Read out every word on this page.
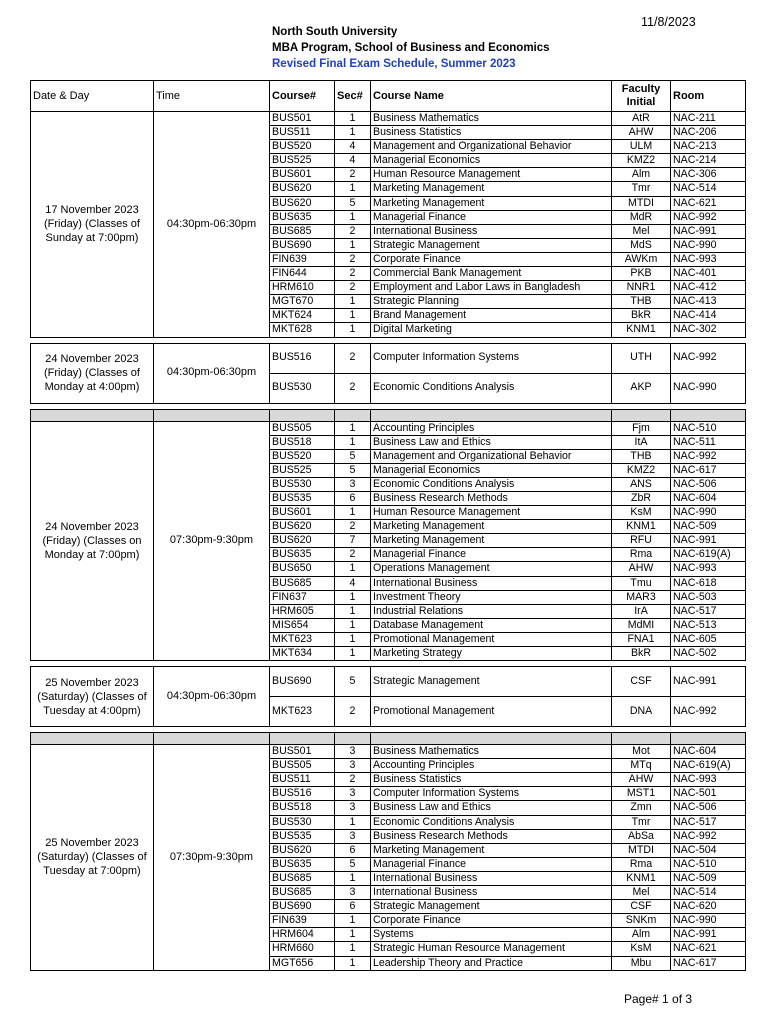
11/8/2023
North South University
MBA Program, School of Business and Economics
Revised Final Exam Schedule, Summer 2023
Date & Day	Time	Course#	Sec#	Course Name	Faculty Initial	Room
17 November 2023 (Friday) (Classes of Sunday at 7:00pm)	04:30pm-06:30pm	BUS501	1	Business Mathematics	AtR	NAC-211
		BUS511	1	Business Statistics	AHW	NAC-206
		BUS520	4	Management and Organizational Behavior	ULM	NAC-213
		BUS525	4	Managerial Economics	KMZ2	NAC-214
		BUS601	2	Human Resource Management	Alm	NAC-306
		BUS620	1	Marketing Management	Tmr	NAC-514
		BUS620	5	Marketing Management	MTDI	NAC-621
		BUS635	1	Managerial Finance	MdR	NAC-992
		BUS685	2	International Business	Mel	NAC-991
		BUS690	1	Strategic Management	MdS	NAC-990
		FIN639	2	Corporate Finance	AWKm	NAC-993
		FIN644	2	Commercial Bank Management	PKB	NAC-401
		HRM610	2	Employment and Labor Laws in Bangladesh	NNR1	NAC-412
		MGT670	1	Strategic Planning	THB	NAC-413
		MKT624	1	Brand Management	BkR	NAC-414
		MKT628	1	Digital Marketing	KNM1	NAC-302

24 November 2023 (Friday) (Classes of Monday at 4:00pm)	04:30pm-06:30pm	BUS516	2	Computer Information Systems	UTH	NAC-992
		BUS530	2	Economic Conditions Analysis	AKP	NAC-990

24 November 2023 (Friday) (Classes on Monday at 7:00pm)	07:30pm-9:30pm	BUS505	1	Accounting Principles	Fjm	NAC-510
		BUS518	1	Business Law and Ethics	ItA	NAC-511
		BUS520	5	Management and Organizational Behavior	THB	NAC-992
		BUS525	5	Managerial Economics	KMZ2	NAC-617
		BUS530	3	Economic Conditions Analysis	ANS	NAC-506
		BUS535	6	Business Research Methods	ZbR	NAC-604
		BUS601	1	Human Resource Management	KsM	NAC-990
		BUS620	2	Marketing Management	KNM1	NAC-509
		BUS620	7	Marketing Management	RFU	NAC-991
		BUS635	2	Managerial Finance	Rma	NAC-619(A)
		BUS650	1	Operations Management	AHW	NAC-993
		BUS685	4	International Business	Tmu	NAC-618
		FIN637	1	Investment Theory	MAR3	NAC-503
		HRM605	1	Industrial Relations	IrA	NAC-517
		MIS654	1	Database Management	MdMI	NAC-513
		MKT623	1	Promotional Management	FNA1	NAC-605
		MKT634	1	Marketing Strategy	BkR	NAC-502

25 November 2023 (Saturday) (Classes of Tuesday at 4:00pm)	04:30pm-06:30pm	BUS690	5	Strategic Management	CSF	NAC-991
		MKT623	2	Promotional Management	DNA	NAC-992

25 November 2023 (Saturday) (Classes of Tuesday at 7:00pm)	07:30pm-9:30pm	BUS501	3	Business Mathematics	Mot	NAC-604
		BUS505	3	Accounting Principles	MTq	NAC-619(A)
		BUS511	2	Business Statistics	AHW	NAC-993
		BUS516	3	Computer Information Systems	MST1	NAC-501
		BUS518	3	Business Law and Ethics	Zmn	NAC-506
		BUS530	1	Economic Conditions Analysis	Tmr	NAC-517
		BUS535	3	Business Research Methods	AbSa	NAC-992
		BUS620	6	Marketing Management	MTDI	NAC-504
		BUS635	5	Managerial Finance	Rma	NAC-510
		BUS685	1	International Business	KNM1	NAC-509
		BUS685	3	International Business	Mel	NAC-514
		BUS690	6	Strategic Management	CSF	NAC-620
		FIN639	1	Corporate Finance	SNKm	NAC-990
		HRM604	1	Systems	Alm	NAC-991
		HRM660	1	Strategic Human Resource Management	KsM	NAC-621
		MGT656	1	Leadership Theory and Practice	Mbu	NAC-617
Page# 1 of 3
